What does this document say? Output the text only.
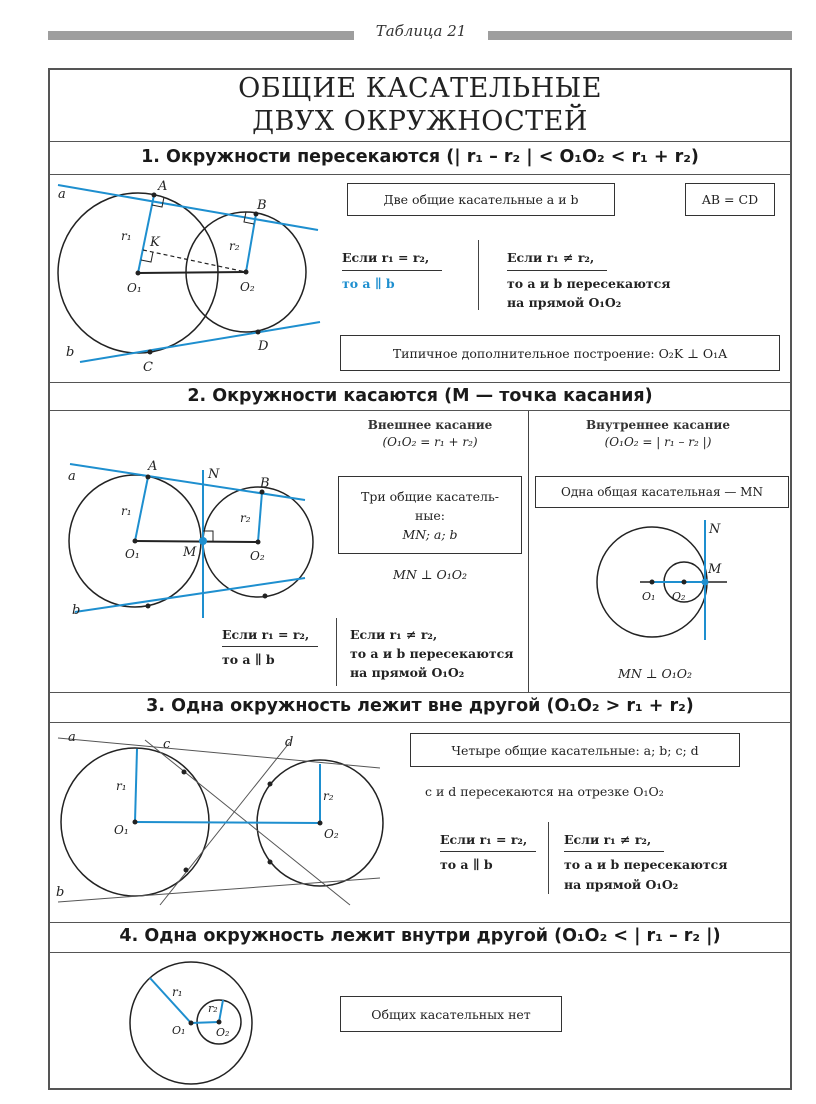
Таблица 21
ОБЩИЕ КАСАТЕЛЬНЫЕ
ДВУХ ОКРУЖНОСТЕЙ
1. Окружности пересекаются (| r₁ – r₂ | < O₁O₂ < r₁ + r₂)
a
b
A
B
C
D
K
O₁	O₂
r₁
r₂
Две общие касательные a и b	AB = CD
Если r₁ = r₂,
то a ∥ b
Если r₁ ≠ r₂,
то a и b пересекаются
на прямой O₁O₂
Типичное дополнительное построение: O₂K ⊥ O₁A
2. Окружности касаются (M — точка касания)
a
b
A
B
N
M
O₁	O₂
r₁	r₂
Внешнее касание
(O₁O₂ = r₁ + r₂)
Три общие касатель-
ные:
MN; a; b
MN ⊥ O₁O₂
Если r₁ = r₂,
то a ∥ b
Если r₁ ≠ r₂,
то a и b пересекаются
на прямой O₁O₂
Внутреннее касание
(O₁O₂ = | r₁ – r₂ |)
Одна общая касательная — MN
N
M
O₁ O₂
MN ⊥ O₁O₂
3. Одна окружность лежит вне другой (O₁O₂ > r₁ + r₂)
a
b
c	d
O₁	O₂
r₁
r₂
Четыре общие касательные: a; b; c; d
c и d пересекаются на отрезке O₁O₂
Если r₁ = r₂,
то a ∥ b
Если r₁ ≠ r₂,
то a и b пересекаются
на прямой O₁O₂
4. Одна окружность лежит внутри другой (O₁O₂ < | r₁ – r₂ |)
r₁
r₂
O₁	O₂
Общих касательных нет
